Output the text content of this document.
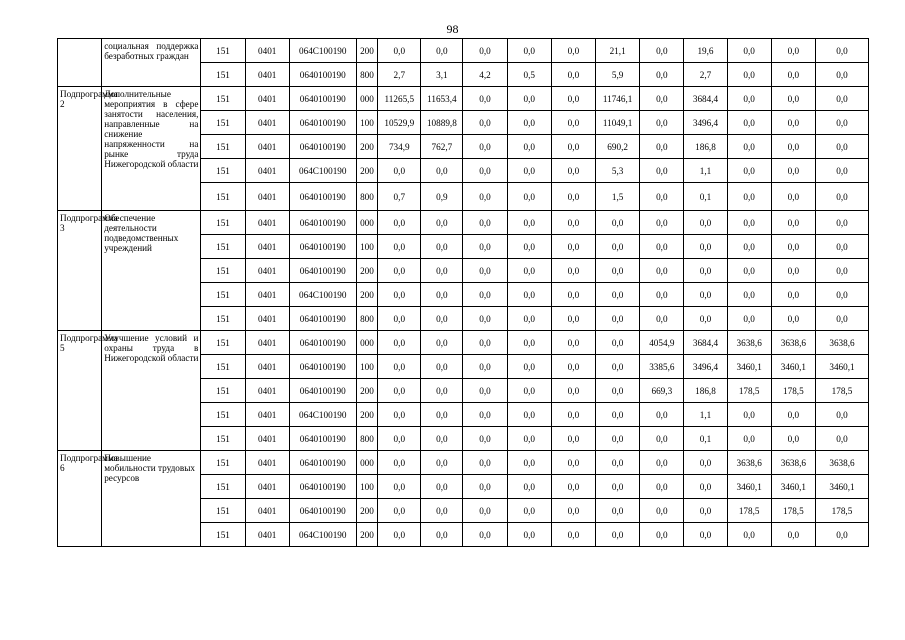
98
	социальная поддержка безработных граждан	151	0401	064С100190	200	0,0	0,0	0,0	0,0	0,0	21,1	0,0	19,6	0,0	0,0	0,0
		151	0401	0640100190	800	2,7	3,1	4,2	0,5	0,0	5,9	0,0	2,7	0,0	0,0	0,0
Подпрограмма 2	Дополнительные мероприятия в сфере занятости населения, направленные на снижение напряженности на рынке труда Нижегородской области	151	0401	0640100190	000	11265,5	11653,4	0,0	0,0	0,0	11746,1	0,0	3684,4	0,0	0,0	0,0
		151	0401	0640100190	100	10529,9	10889,8	0,0	0,0	0,0	11049,1	0,0	3496,4	0,0	0,0	0,0
		151	0401	0640100190	200	734,9	762,7	0,0	0,0	0,0	690,2	0,0	186,8	0,0	0,0	0,0
		151	0401	064С100190	200	0,0	0,0	0,0	0,0	0,0	5,3	0,0	1,1	0,0	0,0	0,0
		151	0401	0640100190	800	0,7	0,9	0,0	0,0	0,0	1,5	0,0	0,1	0,0	0,0	0,0
Подпрограмма 3	Обеспечение деятельности подведомственных учреждений	151	0401	0640100190	000	0,0	0,0	0,0	0,0	0,0	0,0	0,0	0,0	0,0	0,0	0,0
		151	0401	0640100190	100	0,0	0,0	0,0	0,0	0,0	0,0	0,0	0,0	0,0	0,0	0,0
		151	0401	0640100190	200	0,0	0,0	0,0	0,0	0,0	0,0	0,0	0,0	0,0	0,0	0,0
		151	0401	064С100190	200	0,0	0,0	0,0	0,0	0,0	0,0	0,0	0,0	0,0	0,0	0,0
		151	0401	0640100190	800	0,0	0,0	0,0	0,0	0,0	0,0	0,0	0,0	0,0	0,0	0,0
Подпрограмма 5	Улучшение условий и охраны труда в Нижегородской области	151	0401	0640100190	000	0,0	0,0	0,0	0,0	0,0	0,0	4054,9	3684,4	3638,6	3638,6	3638,6
		151	0401	0640100190	100	0,0	0,0	0,0	0,0	0,0	0,0	3385,6	3496,4	3460,1	3460,1	3460,1
		151	0401	0640100190	200	0,0	0,0	0,0	0,0	0,0	0,0	669,3	186,8	178,5	178,5	178,5
		151	0401	064С100190	200	0,0	0,0	0,0	0,0	0,0	0,0	0,0	1,1	0,0	0,0	0,0
		151	0401	0640100190	800	0,0	0,0	0,0	0,0	0,0	0,0	0,0	0,1	0,0	0,0	0,0
Подпрограмма 6	Повышение мобильности трудовых ресурсов	151	0401	0640100190	000	0,0	0,0	0,0	0,0	0,0	0,0	0,0	0,0	3638,6	3638,6	3638,6
		151	0401	0640100190	100	0,0	0,0	0,0	0,0	0,0	0,0	0,0	0,0	3460,1	3460,1	3460,1
		151	0401	0640100190	200	0,0	0,0	0,0	0,0	0,0	0,0	0,0	0,0	178,5	178,5	178,5
		151	0401	064С100190	200	0,0	0,0	0,0	0,0	0,0	0,0	0,0	0,0	0,0	0,0	0,0
